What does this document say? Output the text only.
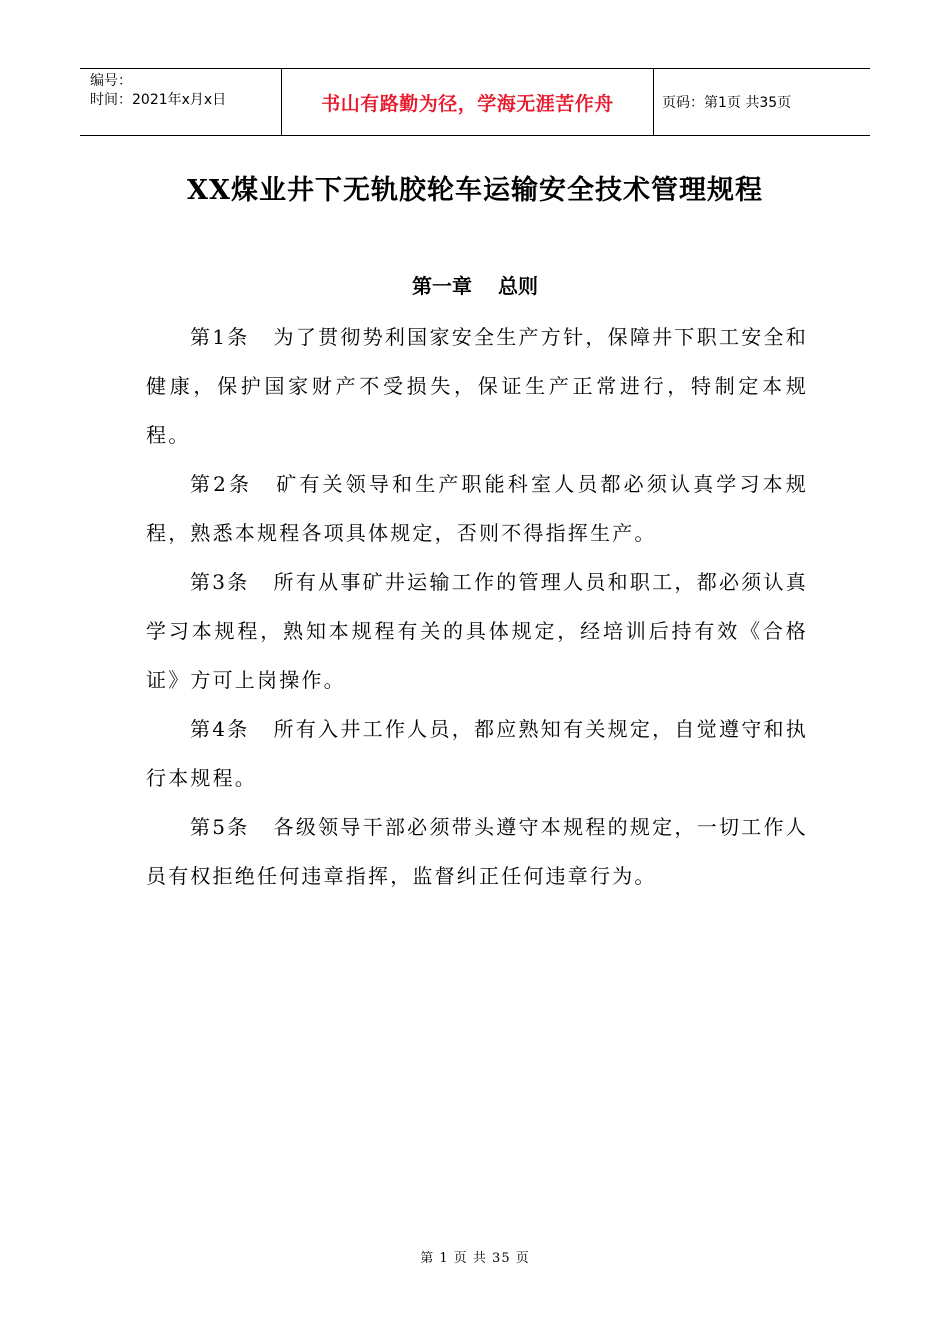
编号：
时间：2021年x月x日	书山有路勤为径，学海无涯苦作舟	页码：第1页 共35页
XX煤业井下无轨胶轮车运输安全技术管理规程
第一章 总则

第1条 为了贯彻势利国家安全生产方针，保障井下职工安全和健康，保护国家财产不受损失，保证生产正常进行，特制定本规程。

第2条 矿有关领导和生产职能科室人员都必须认真学习本规程，熟悉本规程各项具体规定，否则不得指挥生产。

第3条 所有从事矿井运输工作的管理人员和职工，都必须认真学习本规程，熟知本规程有关的具体规定，经培训后持有效《合格证》方可上岗操作。

第4条 所有入井工作人员，都应熟知有关规定，自觉遵守和执行本规程。

第5条 各级领导干部必须带头遵守本规程的规定，一切工作人员有权拒绝任何违章指挥，监督纠正任何违章行为。

第 1 页 共 35 页
